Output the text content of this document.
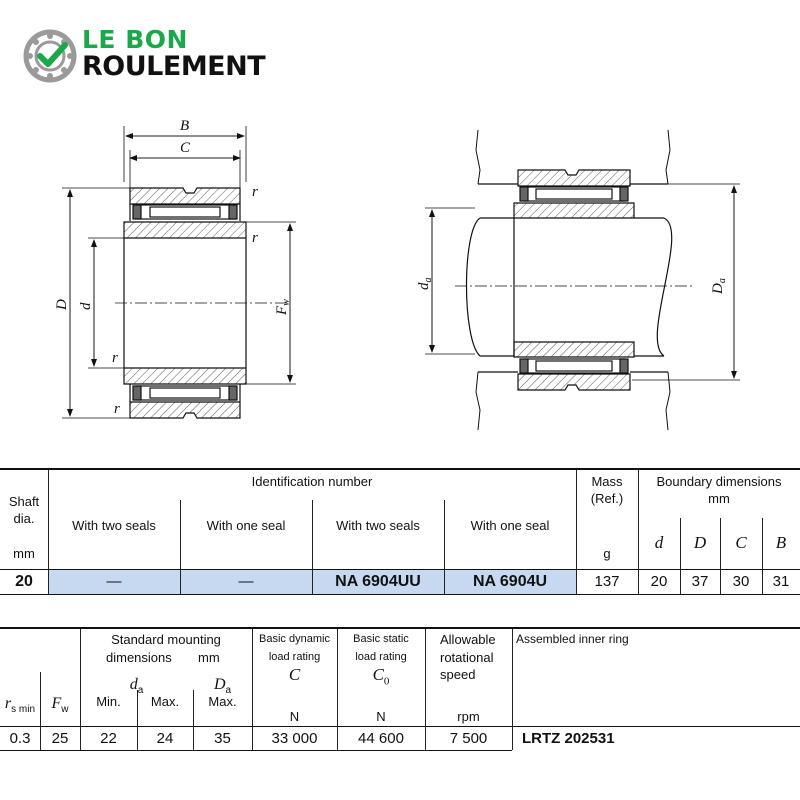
LE BON
ROULEMENT
B
C
D d	$F_w$
r
r
r
r
$d_a$
$D_a$
Shaft
dia.
mm
Identification number
With two seals	With one seal	With two seals	With one seal
Mass
(Ref.)
g
Boundary dimensions
mm
d	D	C	B
20	—	—	NA 6904UU	NA 6904U	137	20	37	30	31
$r_{s min}$	$F_w$
Standard mounting
dimensions mm
$d_a$	$D_a$
Min.	Max.	Max.
Basic dynamic
load rating
C
N
Basic static
load rating
$C_0$
N
Allowable
rotational
speed
rpm
Assembled inner ring
0.3	25	22	24	35	33 000	44 600	7 500	LRTZ 202531
